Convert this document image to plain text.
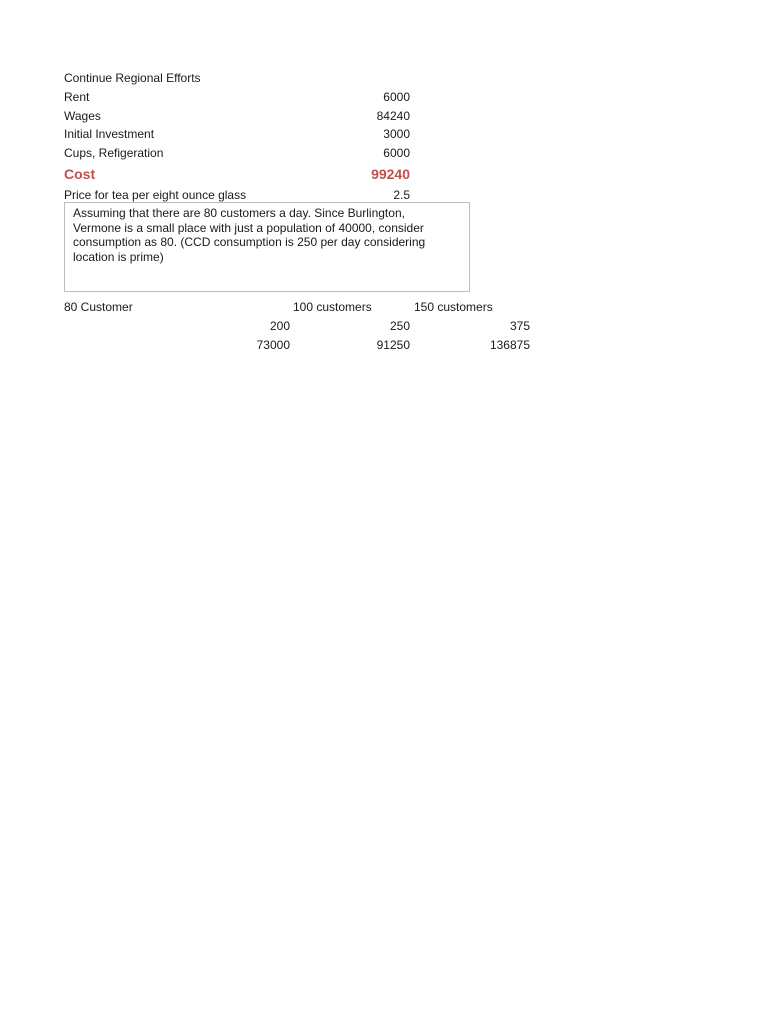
Continue Regional Efforts
Rent	6000
Wages	84240
Initial Investment	3000
Cups, Refigeration	6000
Cost	99240
Price for tea per eight ounce glass	2.5
Assuming that there are 80 customers a day. Since Burlington,
Vermone is a small place with just a population of 40000, consider
consumption as 80. (CCD consumption is 250 per day considering
location is prime)
80 Customer	100 customers	150 customers
200	250	375
73000	91250	136875
